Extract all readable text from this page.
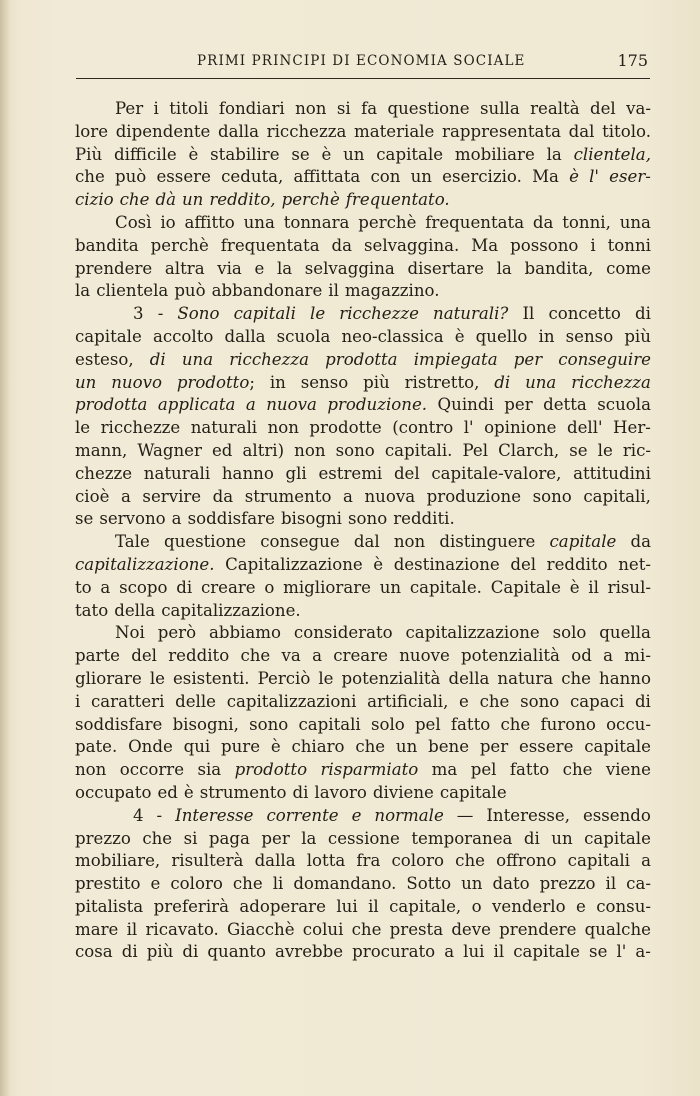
PRIMI PRINCIPI DI ECONOMIA SOCIALE	175
Per i titoli fondiari non si fa questione sulla realtà del va-
lore dipendente dalla ricchezza materiale rappresentata dal titolo.
Più difficile è stabilire se è un capitale mobiliare la clientela,
che può essere ceduta, affittata con un esercizio. Ma è l' eser-
cizio che dà un reddito, perchè frequentato.
Così io affitto una tonnara perchè frequentata da tonni, una
bandita perchè frequentata da selvaggina. Ma possono i tonni
prendere altra via e la selvaggina disertare la bandita, come
la clientela può abbandonare il magazzino.
3 - Sono capitali le ricchezze naturali? Il concetto di
capitale accolto dalla scuola neo-classica è quello in senso più
esteso, di una ricchezza prodotta impiegata per conseguire
un nuovo prodotto; in senso più ristretto, di una ricchezza
prodotta applicata a nuova produzione. Quindi per detta scuola
le ricchezze naturali non prodotte (contro l' opinione dell' Her-
mann, Wagner ed altri) non sono capitali. Pel Clarch, se le ric-
chezze naturali hanno gli estremi del capitale-valore, attitudini
cioè a servire da strumento a nuova produzione sono capitali,
se servono a soddisfare bisogni sono redditi.
Tale questione consegue dal non distinguere capitale da
capitalizzazione. Capitalizzazione è destinazione del reddito net-
to a scopo di creare o migliorare un capitale. Capitale è il risul-
tato della capitalizzazione.
Noi però abbiamo considerato capitalizzazione solo quella
parte del reddito che va a creare nuove potenzialità od a mi-
gliorare le esistenti. Perciò le potenzialità della natura che hanno
i caratteri delle capitalizzazioni artificiali, e che sono capaci di
soddisfare bisogni, sono capitali solo pel fatto che furono occu-
pate. Onde qui pure è chiaro che un bene per essere capitale
non occorre sia prodotto risparmiato ma pel fatto che viene
occupato ed è strumento di lavoro diviene capitale
4 - Interesse corrente e normale — Interesse, essendo
prezzo che si paga per la cessione temporanea di un capitale
mobiliare, risulterà dalla lotta fra coloro che offrono capitali a
prestito e coloro che li domandano. Sotto un dato prezzo il ca-
pitalista preferirà adoperare lui il capitale, o venderlo e consu-
mare il ricavato. Giacchè colui che presta deve prendere qualche
cosa di più di quanto avrebbe procurato a lui il capitale se l' a-
